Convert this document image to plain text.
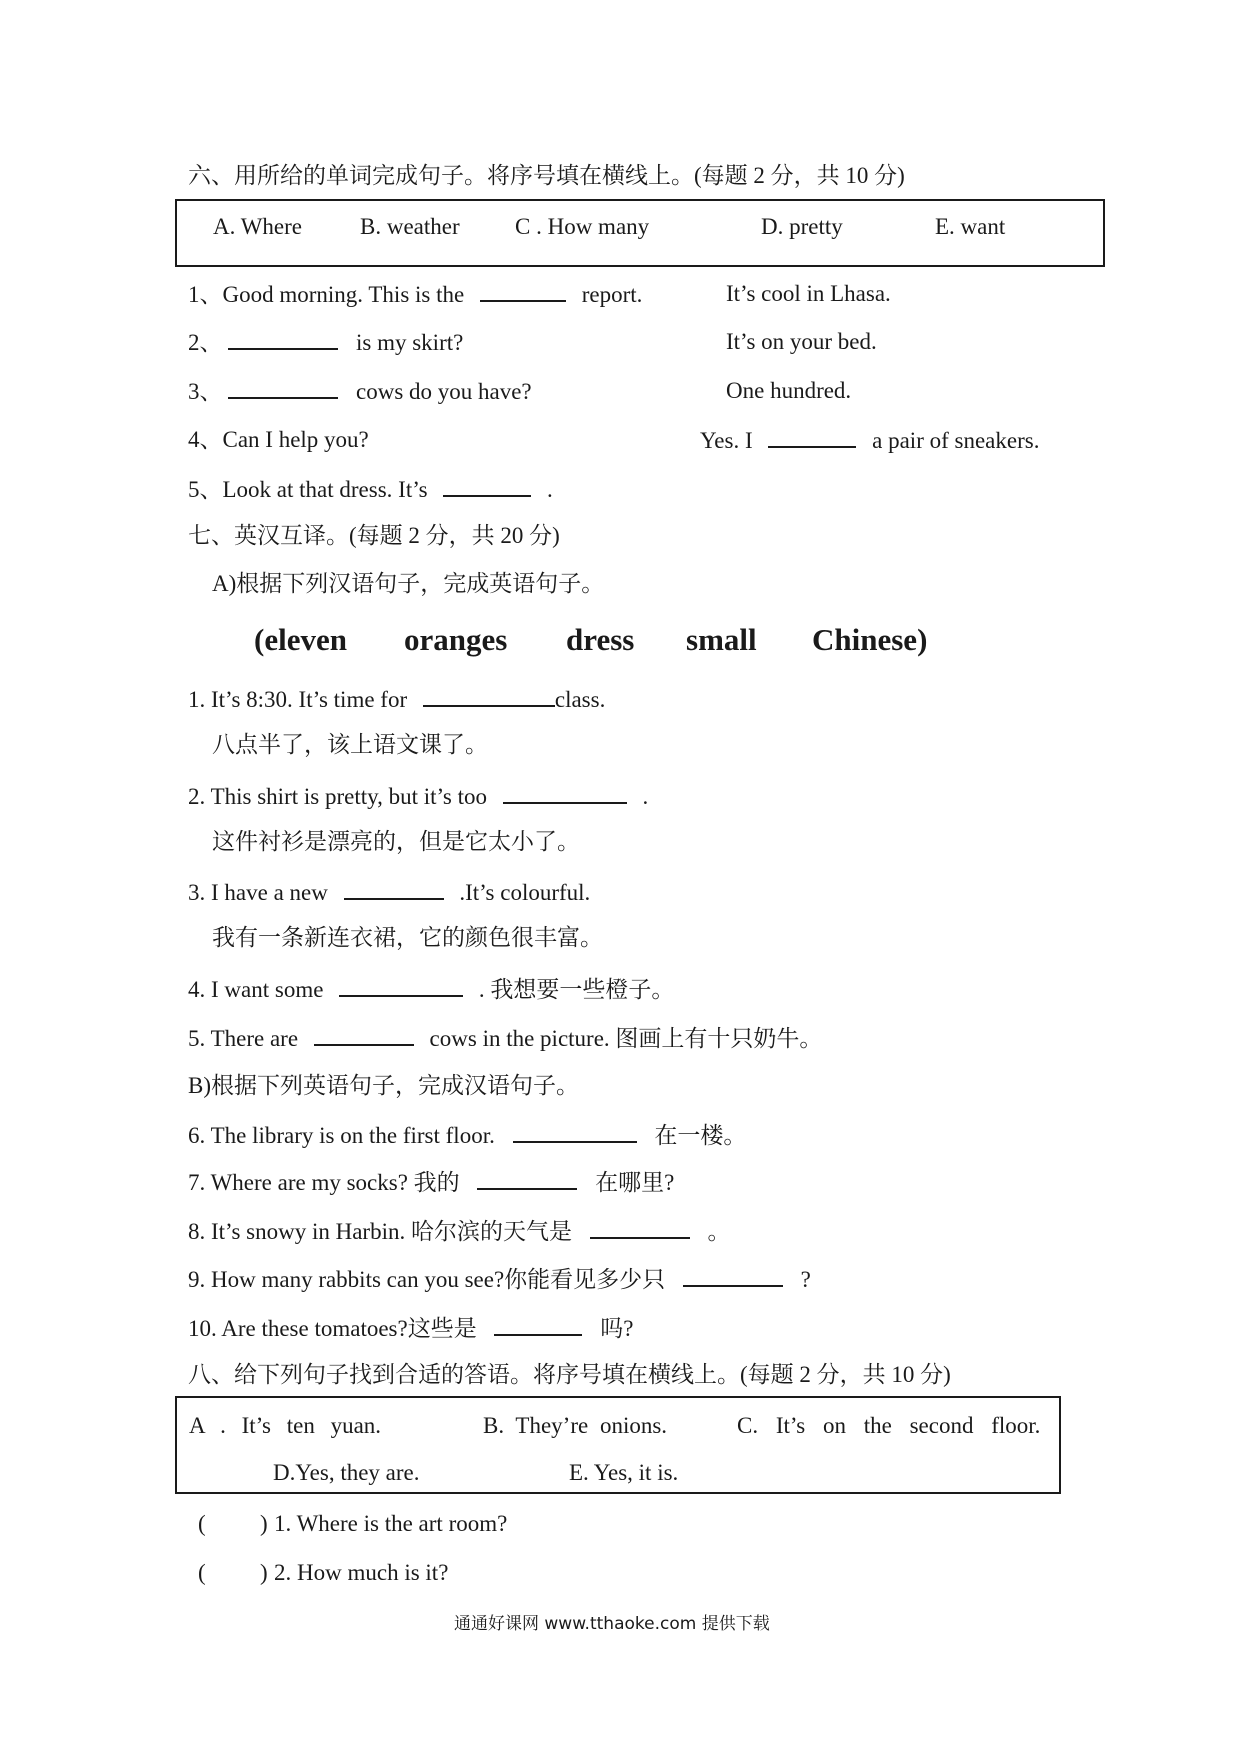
六、用所给的单词完成句子。将序号填在横线上。(每题 2 分，共 10 分)
A. Where	B. weather C . How many	D. pretty	E. want
1、Good morning. This is the	report.	It’s cool in Lhasa.
2、	is my skirt?	It’s on your bed.
3、	cows do you have?	One hundred.
4、Can I help you?	Yes. I	a pair of sneakers.
5、Look at that dress. It’s	.
七、英汉互译。(每题 2 分，共 20 分)
A)根据下列汉语句子，完成英语句子。
(eleven oranges dress small Chinese)
1. It’s 8:30. It’s time for	class.
八点半了，该上语文课了。
2. This shirt is pretty, but it’s too	.
这件衬衫是漂亮的，但是它太小了。
3. I have a new	.It’s colourful.
我有一条新连衣裙，它的颜色很丰富。
4. I want some	. 我想要一些橙子。
5. There are	cows in the picture. 图画上有十只奶牛。
B)根据下列英语句子，完成汉语句子。
6. The library is on the first floor.	在一楼。
7. Where are my socks? 我的	在哪里?
8. It’s snowy in Harbin. 哈尔滨的天气是	。
9. How many rabbits can you see?你能看见多少只	?
10. Are these tomatoes?这些是	吗?
八、给下列句子找到合适的答语。将序号填在横线上。(每题 2 分，共 10 分)
A . It’s ten yuan.	B. They’re onions.	C. It’s on the second floor.
D.Yes, they are.	E. Yes, it is.
( ) 1. Where is the art room?
( ) 2. How much is it?
通通好课网 www.tthaoke.com 提供下载
